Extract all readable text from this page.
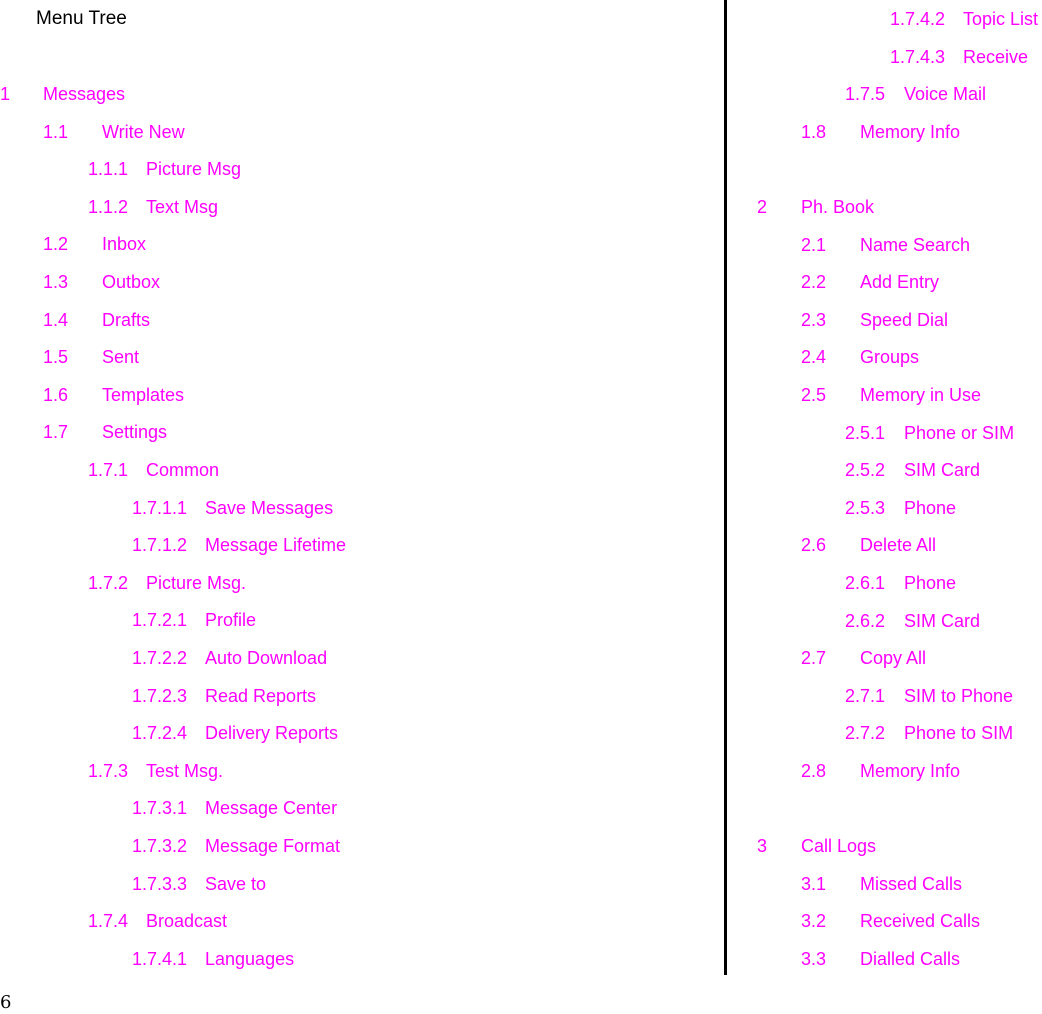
Menu Tree
1 Messages
1.1 Write New
1.1.1 Picture Msg
1.1.2 Text Msg
1.2 Inbox
1.3 Outbox
1.4 Drafts
1.5 Sent
1.6 Templates
1.7 Settings
1.7.1 Common
1.7.1.1 Save Messages
1.7.1.2 Message Lifetime
1.7.2 Picture Msg.
1.7.2.1 Profile
1.7.2.2 Auto Download
1.7.2.3 Read Reports
1.7.2.4 Delivery Reports
1.7.3 Test Msg.
1.7.3.1 Message Center
1.7.3.2 Message Format
1.7.3.3 Save to
1.7.4 Broadcast
1.7.4.1 Languages
1.7.4.2 Topic List
1.7.4.3 Receive
1.7.5 Voice Mail
1.8 Memory Info
2 Ph. Book
2.1 Name Search
2.2 Add Entry
2.3 Speed Dial
2.4 Groups
2.5 Memory in Use
2.5.1 Phone or SIM
2.5.2 SIM Card
2.5.3 Phone
2.6 Delete All
2.6.1 Phone
2.6.2 SIM Card
2.7 Copy All
2.7.1 SIM to Phone
2.7.2 Phone to SIM
2.8 Memory Info
3 Call Logs
3.1 Missed Calls
3.2 Received Calls
3.3 Dialled Calls
6
